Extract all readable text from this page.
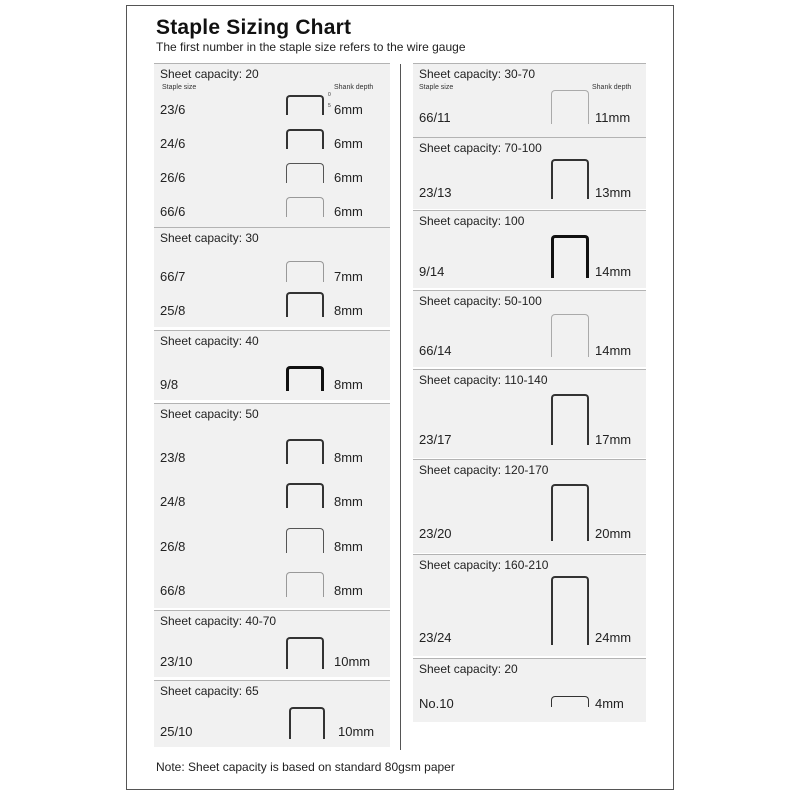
Staple Sizing Chart
The first number in the staple size refers to the wire gauge
Sheet capacity: 20
Staple size	Shank depth
0
5
23/6	6mm
24/6	6mm
26/6	6mm
66/6	6mm
Sheet capacity: 30
66/7	7mm
25/8	8mm
Sheet capacity: 40
9/8	8mm
Sheet capacity: 50
23/8	8mm
24/8	8mm
26/8	8mm
66/8	8mm
Sheet capacity: 40-70
23/10	10mm
Sheet capacity: 65
25/10	10mm
Sheet capacity: 30-70
Staple size	Shank depth
66/11	11mm
Sheet capacity: 70-100
23/13	13mm
Sheet capacity: 100
9/14	14mm
Sheet capacity: 50-100
66/14	14mm
Sheet capacity: 110-140
23/17	17mm
Sheet capacity: 120-170
23/20	20mm
Sheet capacity: 160-210
23/24	24mm
Sheet capacity: 20
No.10	4mm
Note: Sheet capacity is based on standard 80gsm paper
